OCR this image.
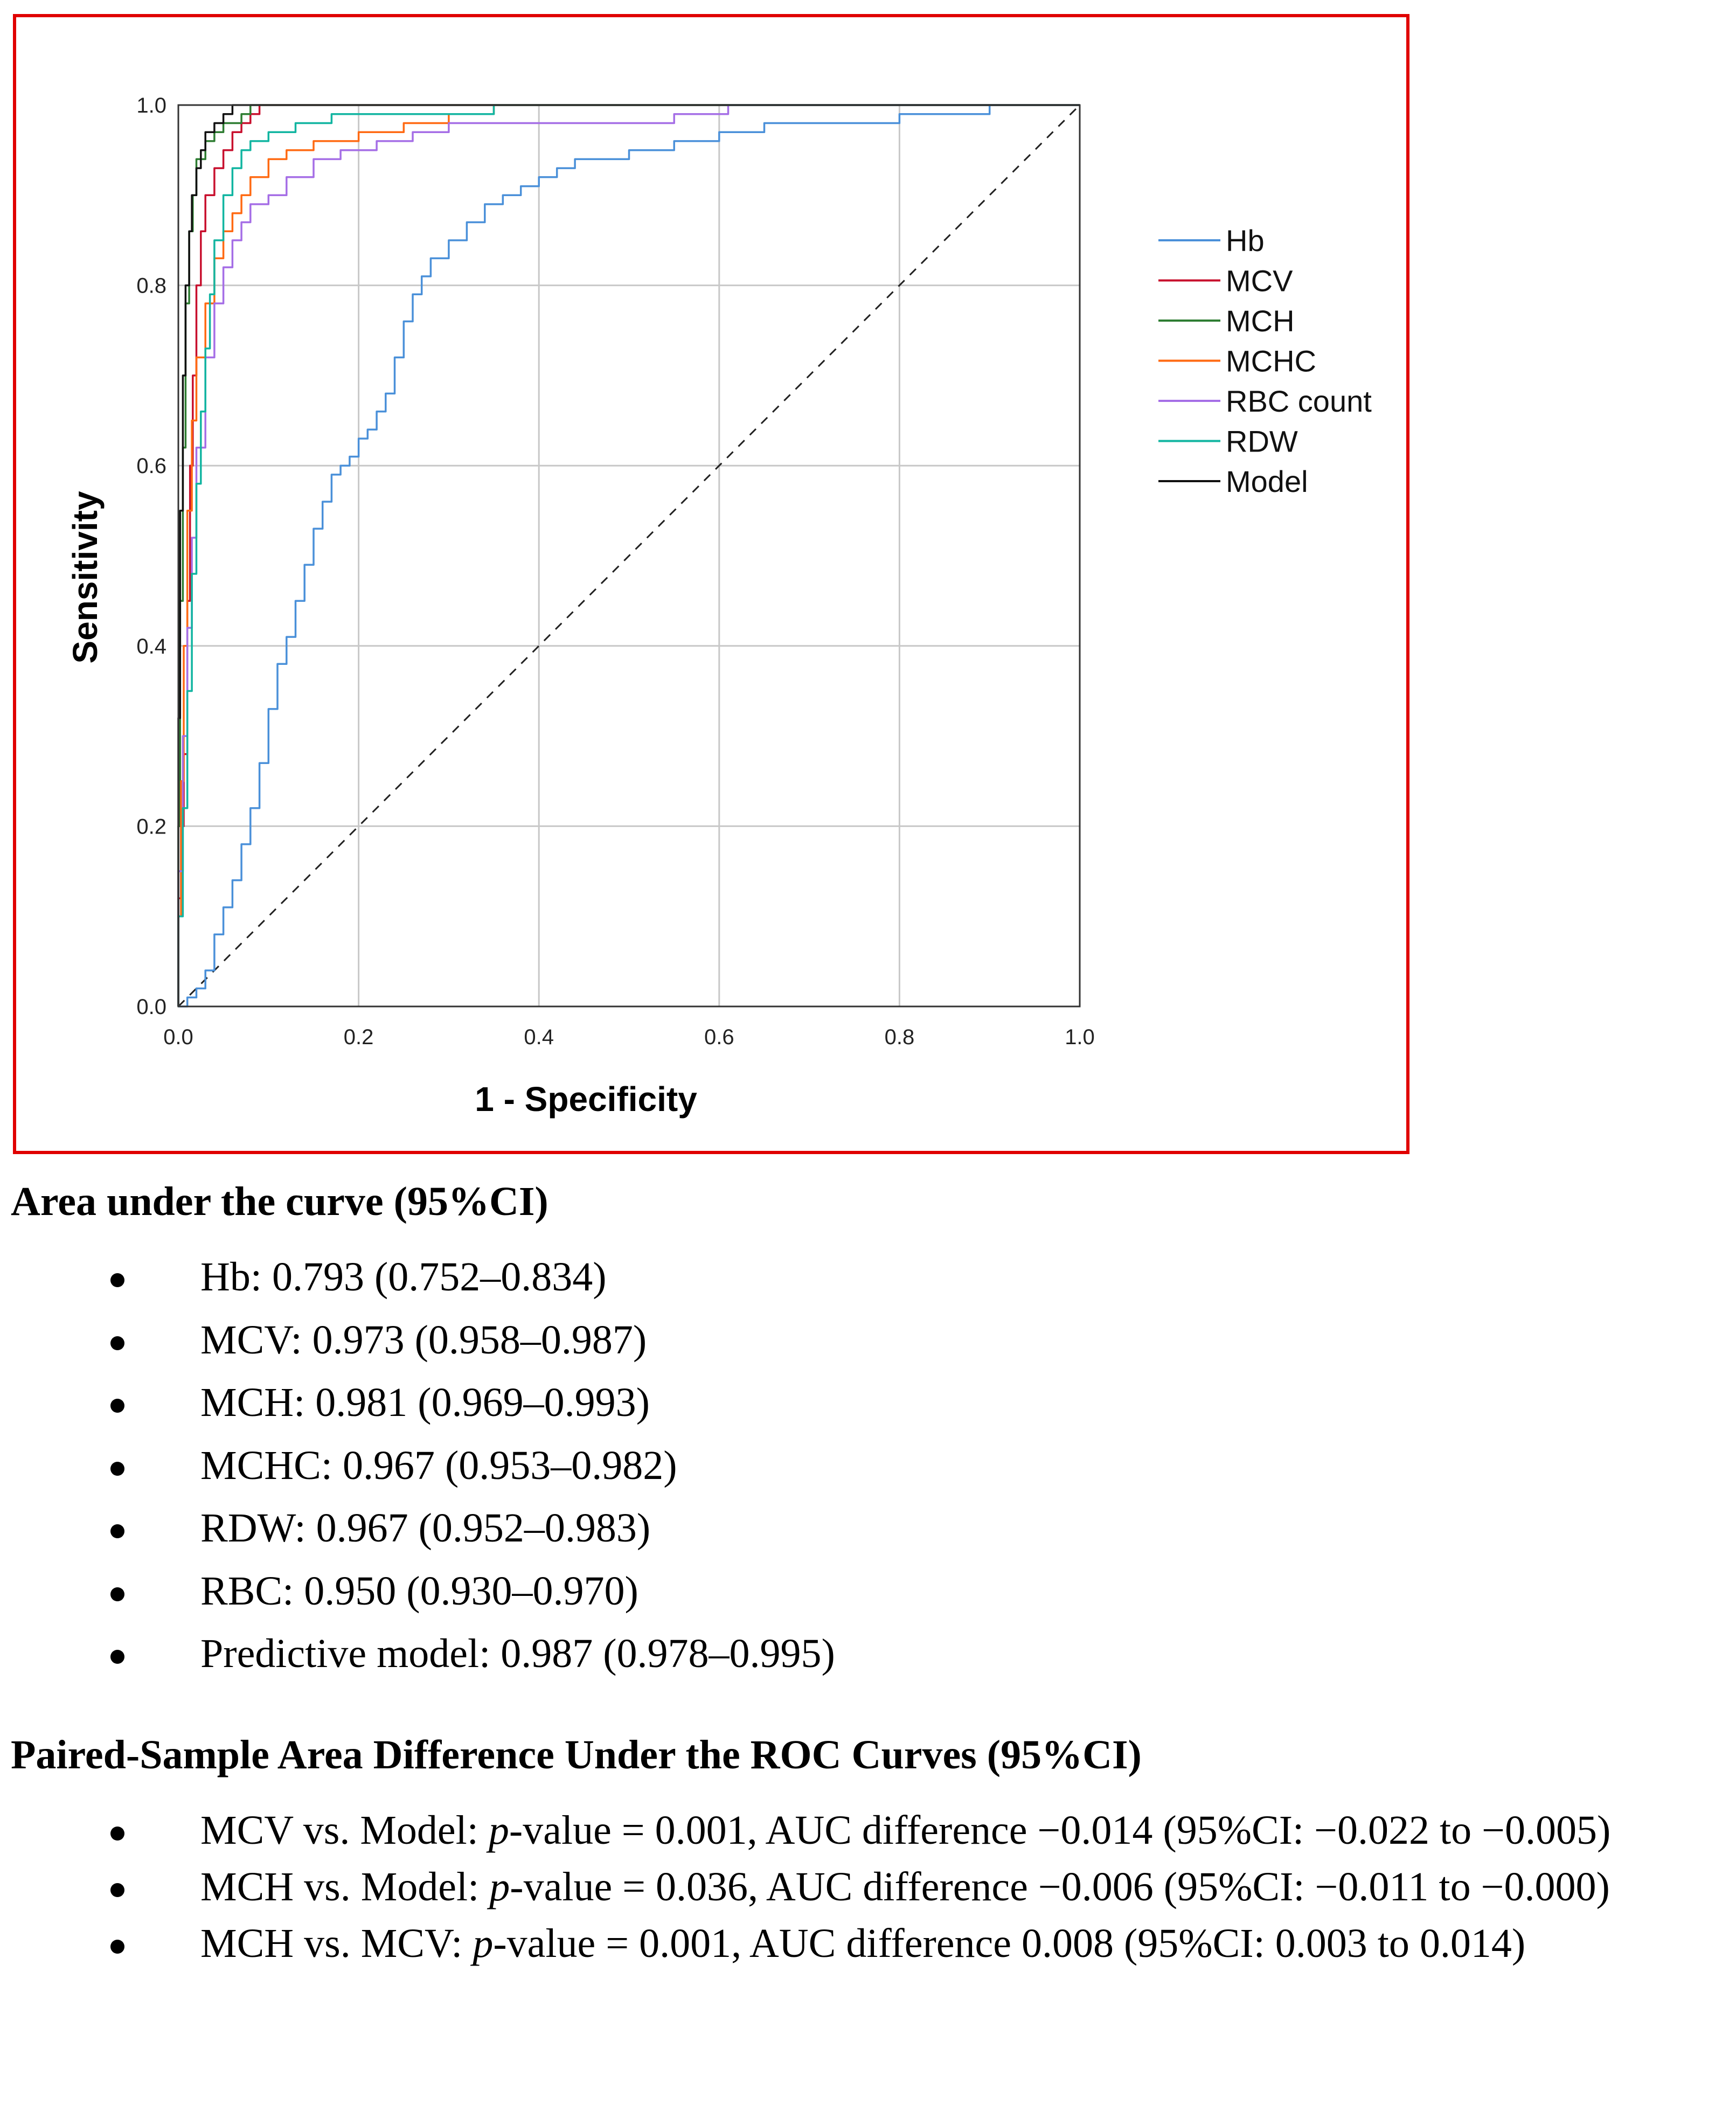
0.0	0.2	0.4	0.6	0.8	1.0
0.0
0.2
0.4
0.6
0.8
1.0
1 - Specificity
Sensitivity
Hb
MCV
MCH
MCHC
RBC count
RDW
Model
Area under the curve (95%CI)
Hb: 0.793 (0.752–0.834)
MCV: 0.973 (0.958–0.987)
MCH: 0.981 (0.969–0.993)
MCHC: 0.967 (0.953–0.982)
RDW: 0.967 (0.952–0.983)
RBC: 0.950 (0.930–0.970)
Predictive model: 0.987 (0.978–0.995)
Paired-Sample Area Difference Under the ROC Curves (95%CI)
MCV vs. Model: p-value = 0.001, AUC difference −0.014 (95%CI: −0.022 to −0.005)
MCH vs. Model: p-value = 0.036, AUC difference −0.006 (95%CI: −0.011 to −0.000)
MCH vs. MCV: p-value = 0.001, AUC difference 0.008 (95%CI: 0.003 to 0.014)
